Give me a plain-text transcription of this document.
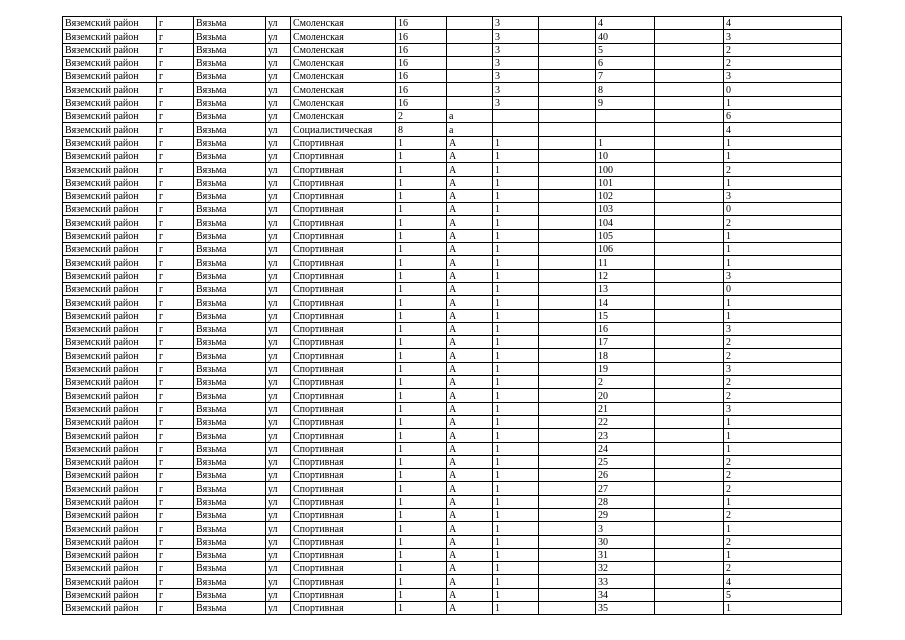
Вяземский район	г	Вязьма	ул	Смоленская	16		3		4		4
Вяземский район	г	Вязьма	ул	Смоленская	16		3		40		3
Вяземский район	г	Вязьма	ул	Смоленская	16		3		5		2
Вяземский район	г	Вязьма	ул	Смоленская	16		3		6		2
Вяземский район	г	Вязьма	ул	Смоленская	16		3		7		3
Вяземский район	г	Вязьма	ул	Смоленская	16		3		8		0
Вяземский район	г	Вязьма	ул	Смоленская	16		3		9		1
Вяземский район	г	Вязьма	ул	Смоленская	2	а					6
Вяземский район	г	Вязьма	ул	Социалистическая	8	а					4
Вяземский район	г	Вязьма	ул	Спортивная	1	А	1		1		1
Вяземский район	г	Вязьма	ул	Спортивная	1	А	1		10		1
Вяземский район	г	Вязьма	ул	Спортивная	1	А	1		100		2
Вяземский район	г	Вязьма	ул	Спортивная	1	А	1		101		1
Вяземский район	г	Вязьма	ул	Спортивная	1	А	1		102		3
Вяземский район	г	Вязьма	ул	Спортивная	1	А	1		103		0
Вяземский район	г	Вязьма	ул	Спортивная	1	А	1		104		2
Вяземский район	г	Вязьма	ул	Спортивная	1	А	1		105		1
Вяземский район	г	Вязьма	ул	Спортивная	1	А	1		106		1
Вяземский район	г	Вязьма	ул	Спортивная	1	А	1		11		1
Вяземский район	г	Вязьма	ул	Спортивная	1	А	1		12		3
Вяземский район	г	Вязьма	ул	Спортивная	1	А	1		13		0
Вяземский район	г	Вязьма	ул	Спортивная	1	А	1		14		1
Вяземский район	г	Вязьма	ул	Спортивная	1	А	1		15		1
Вяземский район	г	Вязьма	ул	Спортивная	1	А	1		16		3
Вяземский район	г	Вязьма	ул	Спортивная	1	А	1		17		2
Вяземский район	г	Вязьма	ул	Спортивная	1	А	1		18		2
Вяземский район	г	Вязьма	ул	Спортивная	1	А	1		19		3
Вяземский район	г	Вязьма	ул	Спортивная	1	А	1		2		2
Вяземский район	г	Вязьма	ул	Спортивная	1	А	1		20		2
Вяземский район	г	Вязьма	ул	Спортивная	1	А	1		21		3
Вяземский район	г	Вязьма	ул	Спортивная	1	А	1		22		1
Вяземский район	г	Вязьма	ул	Спортивная	1	А	1		23		1
Вяземский район	г	Вязьма	ул	Спортивная	1	А	1		24		1
Вяземский район	г	Вязьма	ул	Спортивная	1	А	1		25		2
Вяземский район	г	Вязьма	ул	Спортивная	1	А	1		26		2
Вяземский район	г	Вязьма	ул	Спортивная	1	А	1		27		2
Вяземский район	г	Вязьма	ул	Спортивная	1	А	1		28		1
Вяземский район	г	Вязьма	ул	Спортивная	1	А	1		29		2
Вяземский район	г	Вязьма	ул	Спортивная	1	А	1		3		1
Вяземский район	г	Вязьма	ул	Спортивная	1	А	1		30		2
Вяземский район	г	Вязьма	ул	Спортивная	1	А	1		31		1
Вяземский район	г	Вязьма	ул	Спортивная	1	А	1		32		2
Вяземский район	г	Вязьма	ул	Спортивная	1	А	1		33		4
Вяземский район	г	Вязьма	ул	Спортивная	1	А	1		34		5
Вяземский район	г	Вязьма	ул	Спортивная	1	А	1		35		1
